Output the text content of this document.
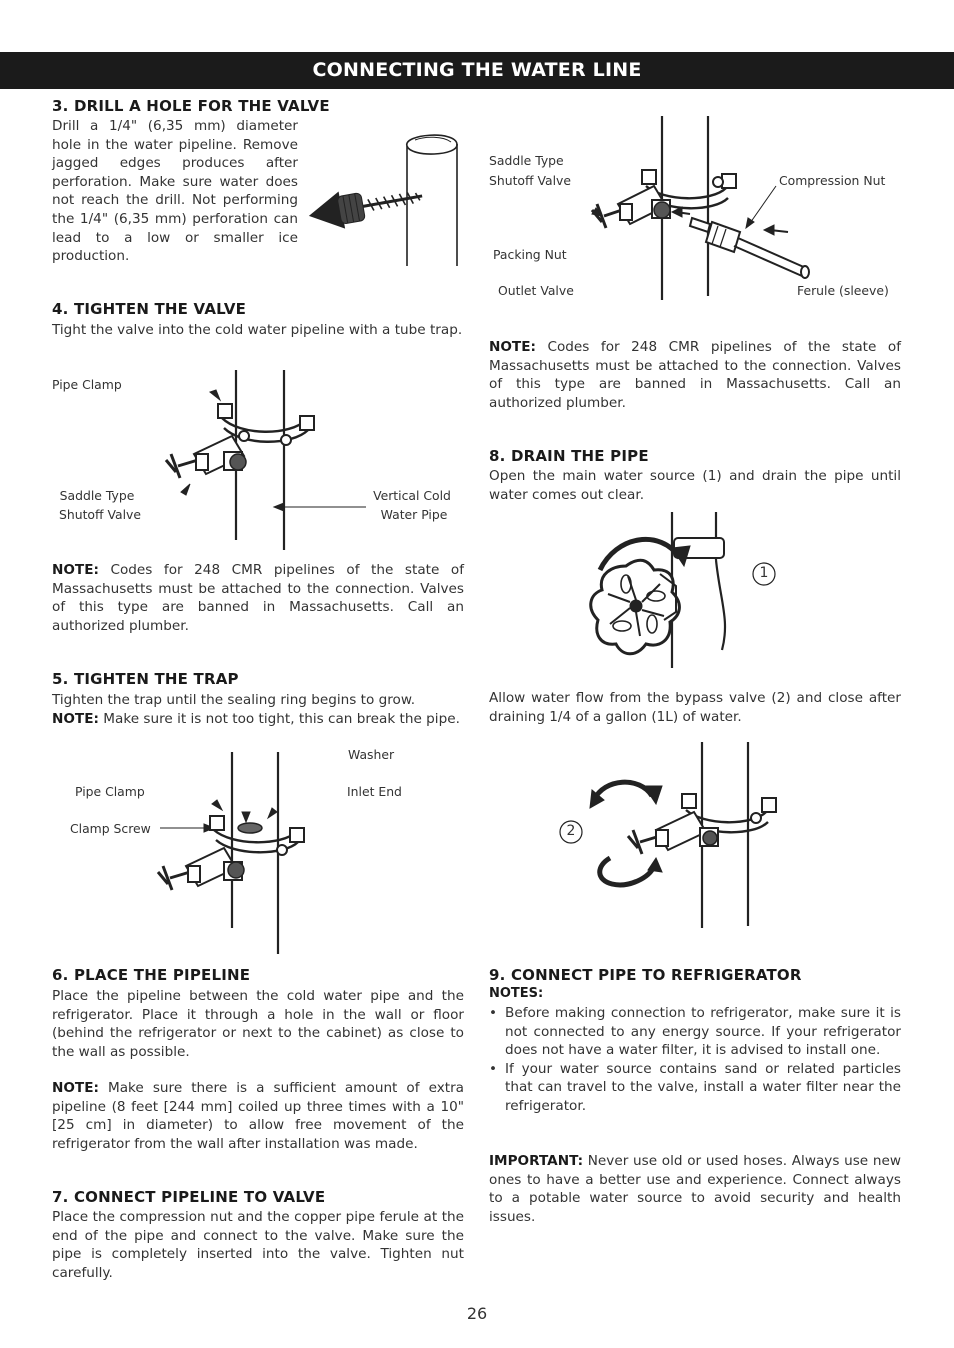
CONNECTING THE WATER LINE
3. DRILL A HOLE FOR THE VALVE
Drill a 1/4" (6,35 mm) diameter hole in the water pipeline. Remove jagged edges produces after perforation. Make sure water does not reach the drill. Not performing the 1/4" (6,35 mm) perforation can lead to a low or smaller ice production.
4. TIGHTEN THE VALVE
Tight the valve into the cold water pipeline with a tube trap.
Pipe Clamp
Saddle Type
Shutoff Valve
Vertical Cold
Water Pipe
NOTE: Codes for 248 CMR pipelines of the state of Massachusetts must be attached to the connection. Valves of this type are banned in Massachusetts. Call an authorized plumber.
5. TIGHTEN THE TRAP
Tighten the trap until the sealing ring begins to grow.
NOTE: Make sure it is not too tight, this can break the pipe.
Washer
Pipe Clamp	Inlet End
Clamp Screw
6. PLACE THE PIPELINE
Place the pipeline between the cold water pipe and the refrigerator. Place it through a hole in the wall or floor (behind the refrigerator or next to the cabinet) as close to the wall as possible.
NOTE: Make sure there is a sufficient amount of extra pipeline (8 feet [244 mm] coiled up three times with a 10" [25 cm] in diameter) to allow free movement of the refrigerator from the wall after installation was made.
7. CONNECT PIPELINE TO VALVE
Place the compression nut and the copper pipe ferule at the end of the pipe and connect to the valve. Make sure the pipe is completely inserted into the valve. Tighten nut carefully.
Saddle Type
Shutoff Valve	Compression Nut
Packing Nut
Outlet Valve	Ferule (sleeve)
NOTE: Codes for 248 CMR pipelines of the state of Massachusetts must be attached to the connection. Valves of this type are banned in Massachusetts. Call an authorized plumber.
8. DRAIN THE PIPE
Open the main water source (1) and drain the pipe until water comes out clear.
1
Allow water flow from the bypass valve (2) and close after draining 1/4 of a gallon (1L) of water.
2
9. CONNECT PIPE TO REFRIGERATOR
NOTES:
• Before making connection to refrigerator, make sure it is not connected to any energy source. If your refrigerator does not have a water filter, it is advised to install one.
• If your water source contains sand or related particles that can travel to the valve, install a water filter near the refrigerator.
IMPORTANT: Never use old or used hoses. Always use new ones to have a better use and experience. Connect always to a potable water source to avoid security and health issues.
26
